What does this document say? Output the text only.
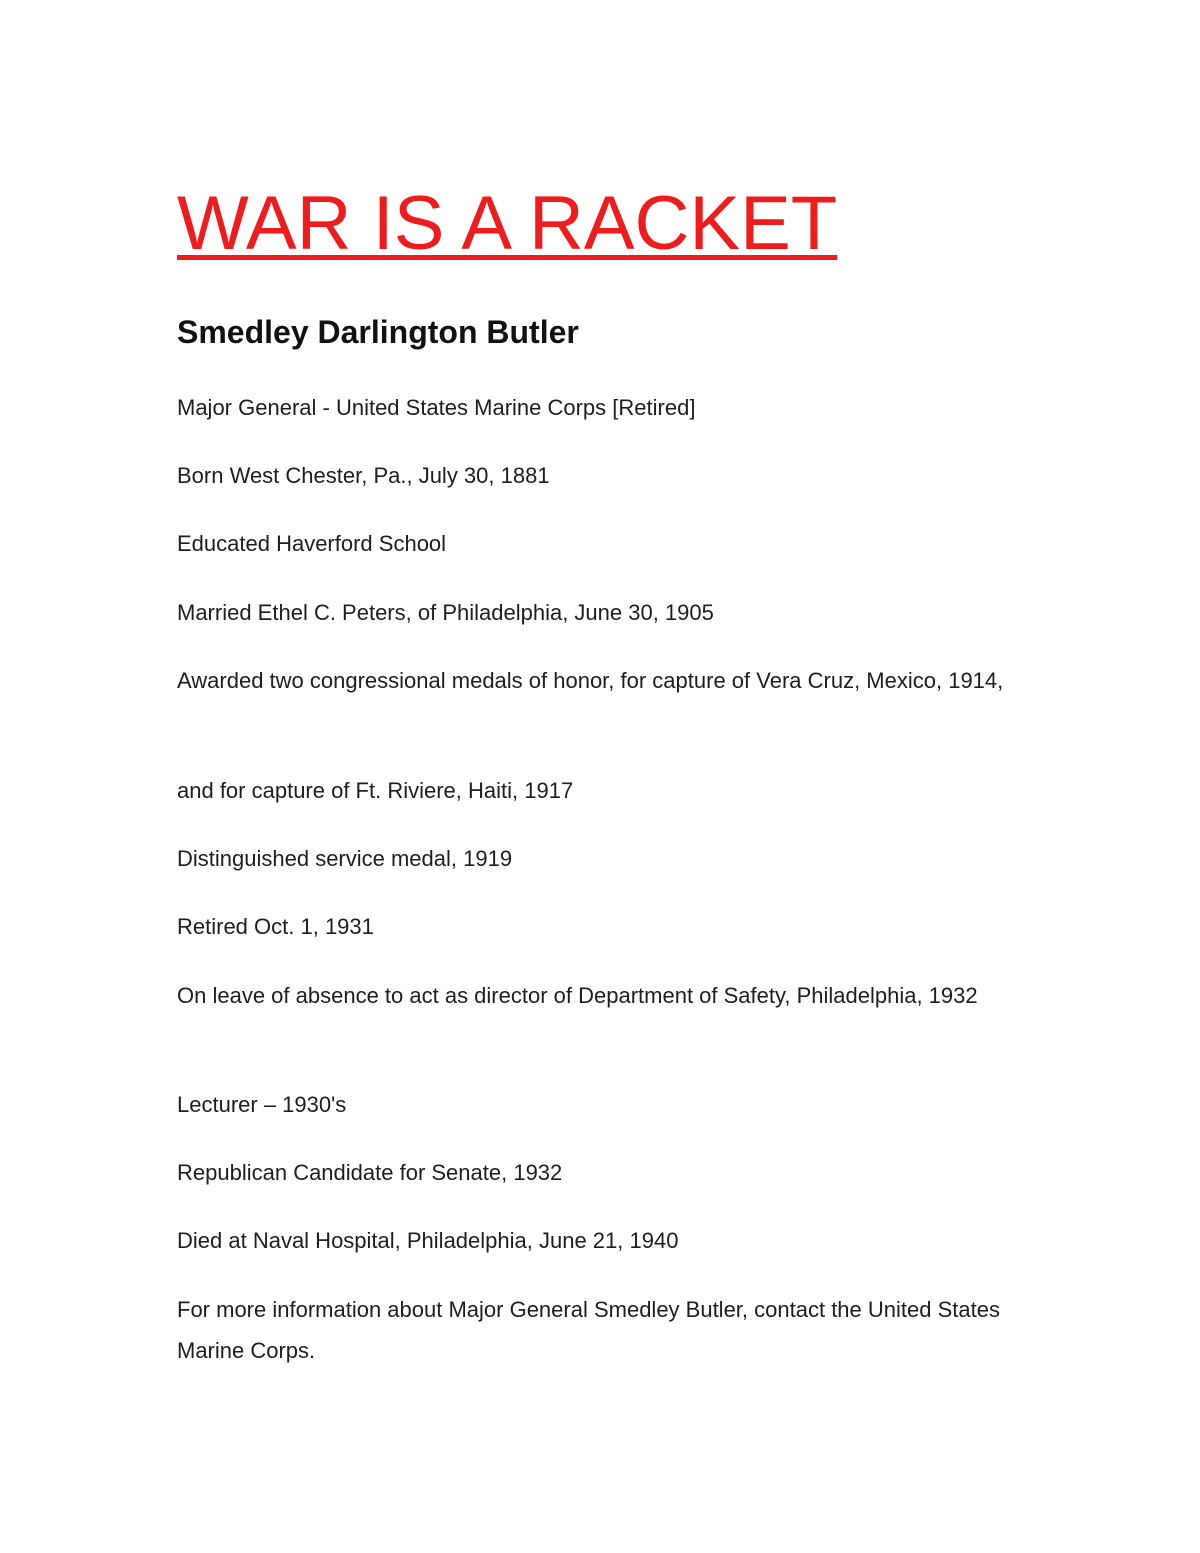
WAR IS A RACKET
Smedley Darlington Butler

Major General - United States Marine Corps [Retired]

Born West Chester, Pa., July 30, 1881

Educated Haverford School

Married Ethel C. Peters, of Philadelphia, June 30, 1905

Awarded two congressional medals of honor, for capture of Vera Cruz, Mexico, 1914,

and for capture of Ft. Riviere, Haiti, 1917

Distinguished service medal, 1919

Retired Oct. 1, 1931

On leave of absence to act as director of Department of Safety, Philadelphia, 1932

Lecturer – 1930's

Republican Candidate for Senate, 1932

Died at Naval Hospital, Philadelphia, June 21, 1940

For more information about Major General Smedley Butler, contact the United States Marine Corps.
